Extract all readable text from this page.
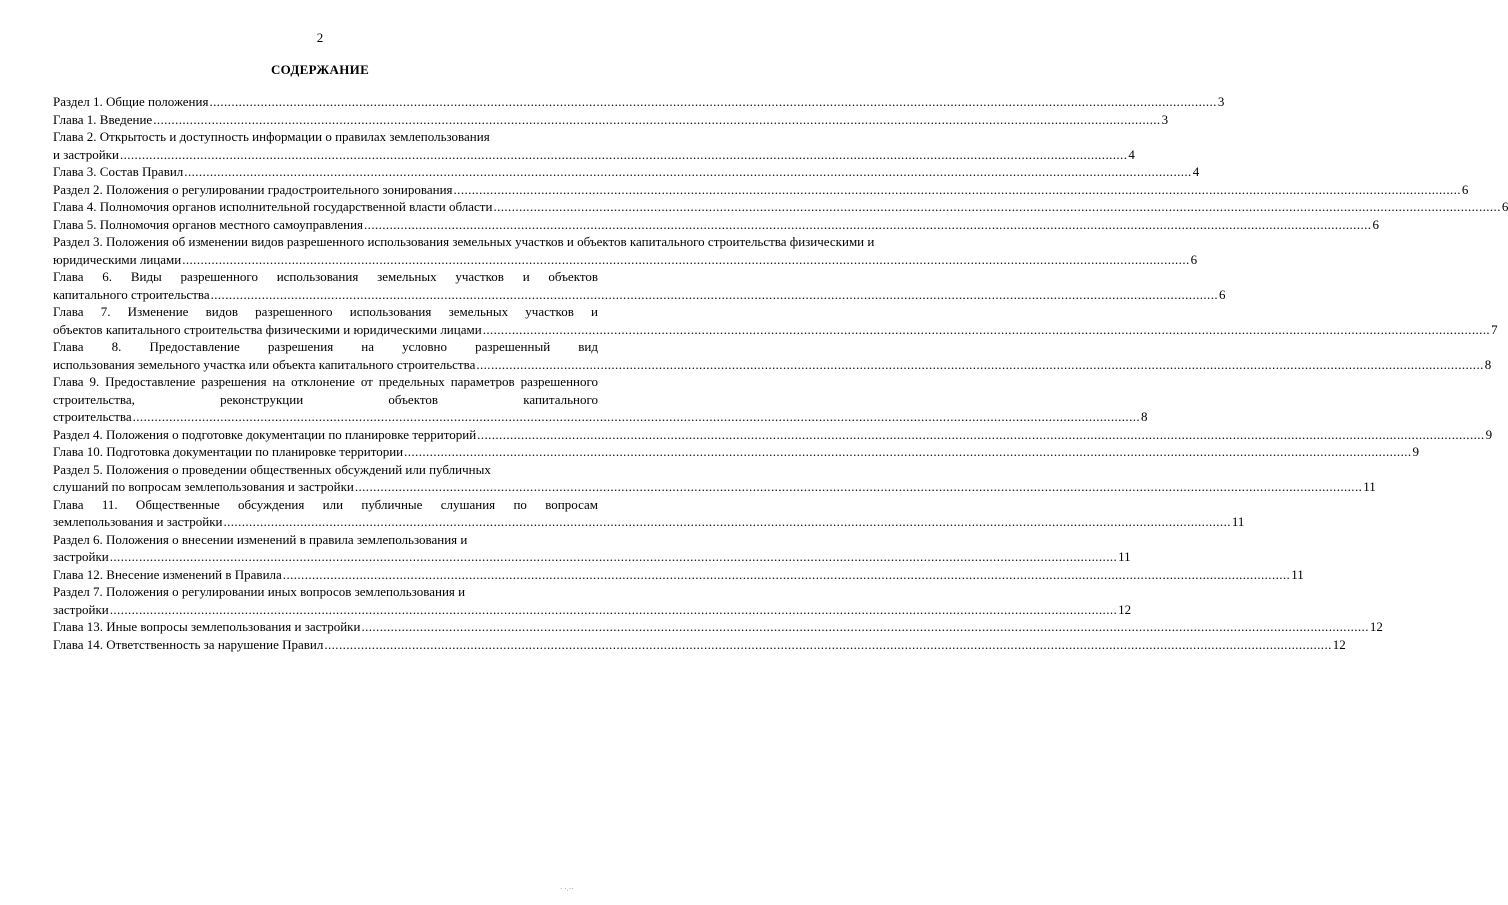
2
СОДЕРЖАНИЕ
Раздел 1. Общие положения .....	3
Глава 1. Введение .....	3
Глава 2. Открытость и доступность информации о правилах землепользования
и застройки .....	4
Глава 3. Состав Правил .....	4
Раздел 2. Положения о регулировании градостроительного зонирования .....	6
Глава 4. Полномочия органов исполнительной государственной власти области .....	6
Глава 5. Полномочия органов местного самоуправления .....	6
Раздел 3. Положения об изменении видов разрешенного использования земельных участков и объектов капитального строительства физическими и
юридическими лицами .....	6
Глава 6. Виды разрешенного использования земельных участков и объектов
капитального строительства .....	6
Глава 7. Изменение видов разрешенного использования земельных участков и
объектов капитального строительства физическими и юридическими лицами .....	7
Глава 8. Предоставление разрешения на условно разрешенный вид
использования земельного участка или объекта капитального строительства .....	8
Глава 9. Предоставление разрешения на отклонение от предельных параметров разрешенного строительства, реконструкции объектов капитального
строительства .....	8
Раздел 4. Положения о подготовке документации по планировке территорий .....	9
Глава 10. Подготовка документации по планировке территории .....	9
Раздел 5. Положения о проведении общественных обсуждений или публичных
слушаний по вопросам землепользования и застройки .....	11
Глава 11. Общественные обсуждения или публичные слушания по вопросам
землепользования и застройки .....	11
Раздел 6. Положения о внесении изменений в правила землепользования и
застройки .....	11
Глава 12. Внесение изменений в Правила .....	11
Раздел 7. Положения о регулировании иных вопросов землепользования и
застройки .....	12
Глава 13. Иные вопросы землепользования и застройки .....	12
Глава 14. Ответственность за нарушение Правил .....	12
· ·.··
